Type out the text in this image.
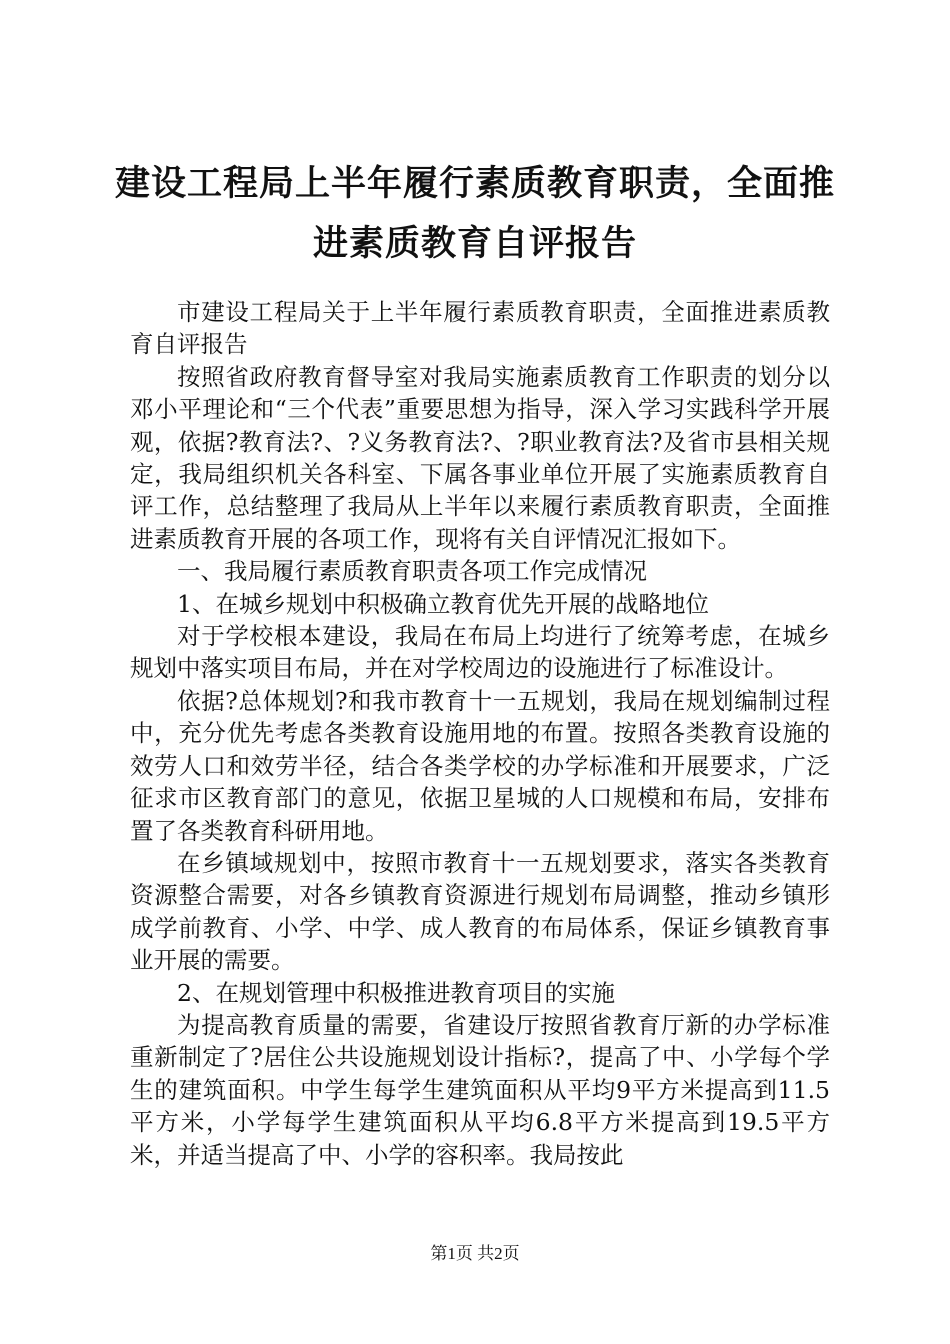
建设工程局上半年履行素质教育职责，全面推
进素质教育自评报告

市建设工程局关于上半年履行素质教育职责，全面推进素质教育自评报告

按照省政府教育督导室对我局实施素质教育工作职责的划分以邓小平理论和“三个代表”重要思想为指导，深入学习实践科学开展观，依据?教育法?、?义务教育法?、?职业教育法?及省市县相关规定，我局组织机关各科室、下属各事业单位开展了实施素质教育自评工作，总结整理了我局从上半年以来履行素质教育职责，全面推进素质教育开展的各项工作，现将有关自评情况汇报如下。

一、我局履行素质教育职责各项工作完成情况

1、在城乡规划中积极确立教育优先开展的战略地位

对于学校根本建设，我局在布局上均进行了统筹考虑，在城乡规划中落实项目布局，并在对学校周边的设施进行了标准设计。

依据?总体规划?和我市教育十一五规划，我局在规划编制过程中，充分优先考虑各类教育设施用地的布置。按照各类教育设施的效劳人口和效劳半径，结合各类学校的办学标准和开展要求，广泛征求市区教育部门的意见，依据卫星城的人口规模和布局，安排布置了各类教育科研用地。

在乡镇域规划中，按照市教育十一五规划要求，落实各类教育资源整合需要，对各乡镇教育资源进行规划布局调整，推动乡镇形成学前教育、小学、中学、成人教育的布局体系，保证乡镇教育事业开展的需要。

2、在规划管理中积极推进教育项目的实施

为提高教育质量的需要，省建设厅按照省教育厅新的办学标准重新制定了?居住公共设施规划设计指标?，提高了中、小学每个学生的建筑面积。中学生每学生建筑面积从平均9平方米提高到11.5平方米，小学每学生建筑面积从平均6.8平方米提高到19.5平方米，并适当提高了中、小学的容积率。我局按此

第1页 共2页
